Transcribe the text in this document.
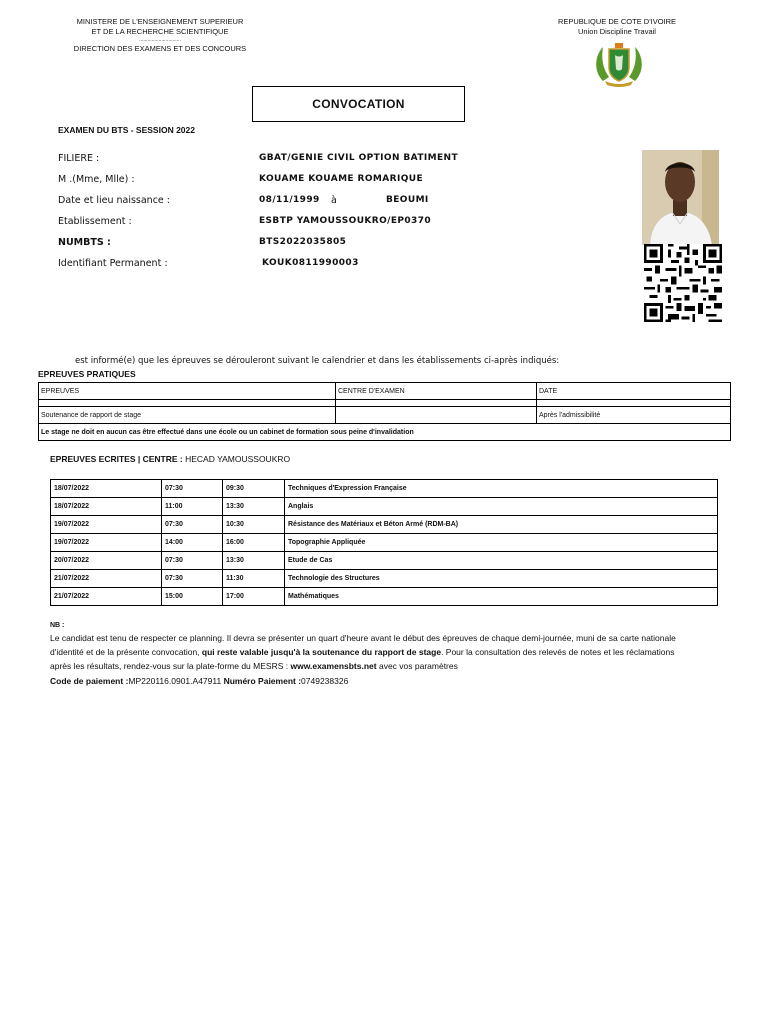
MINISTERE DE L'ENSEIGNEMENT SUPERIEUR
ET DE LA RECHERCHE SCIENTIFIQUE
..............................
DIRECTION DES EXAMENS ET DES CONCOURS
REPUBLIQUE DE COTE D'IVOIRE
Union Discipline Travail
CONVOCATION
EXAMEN DU BTS - SESSION 2022
FILIERE :	GBAT/GENIE CIVIL OPTION BATIMENT
M .(Mme, Mlle) :	KOUAME KOUAME ROMARIQUE
Date et lieu naissance :	08/11/1999 à	BEOUMI
Etablissement :	ESBTP YAMOUSSOUKRO/EP0370
NUMBTS :	BTS2022035805
Identifiant Permanent :	KOUK0811990003
est informé(e) que les épreuves se dérouleront suivant le calendrier et dans les établissements ci-après indiqués:
EPREUVES PRATIQUES
EPREUVES	CENTRE D'EXAMEN	DATE

Soutenance de rapport de stage		Après l'admissibilité
Le stage ne doit en aucun cas être effectué dans une école ou un cabinet de formation sous peine d'invalidation		
EPREUVES ECRITES | CENTRE : HECAD YAMOUSSOUKRO
18/07/2022	07:30	09:30	Techniques d'Expression Française
18/07/2022	11:00	13:30	Anglais
19/07/2022	07:30	10:30	Résistance des Matériaux et Béton Armé (RDM-BA)
19/07/2022	14:00	16:00	Topographie Appliquée
20/07/2022	07:30	13:30	Etude de Cas
21/07/2022	07:30	11:30	Technologie des Structures
21/07/2022	15:00	17:00	Mathématiques
NB :
Le candidat est tenu de respecter ce planning. Il devra se présenter un quart d'heure avant le début des épreuves de chaque demi-journée, muni de sa carte nationale d'identité et de la présente convocation, qui reste valable jusqu'à la soutenance du rapport de stage. Pour la consultation des relevés de notes et les réclamations après les résultats, rendez-vous sur la plate-forme du MESRS : www.examensbts.net avec vos paramètres
Code de paiement :MP220116.0901.A47911 Numéro Paiement :0749238326
